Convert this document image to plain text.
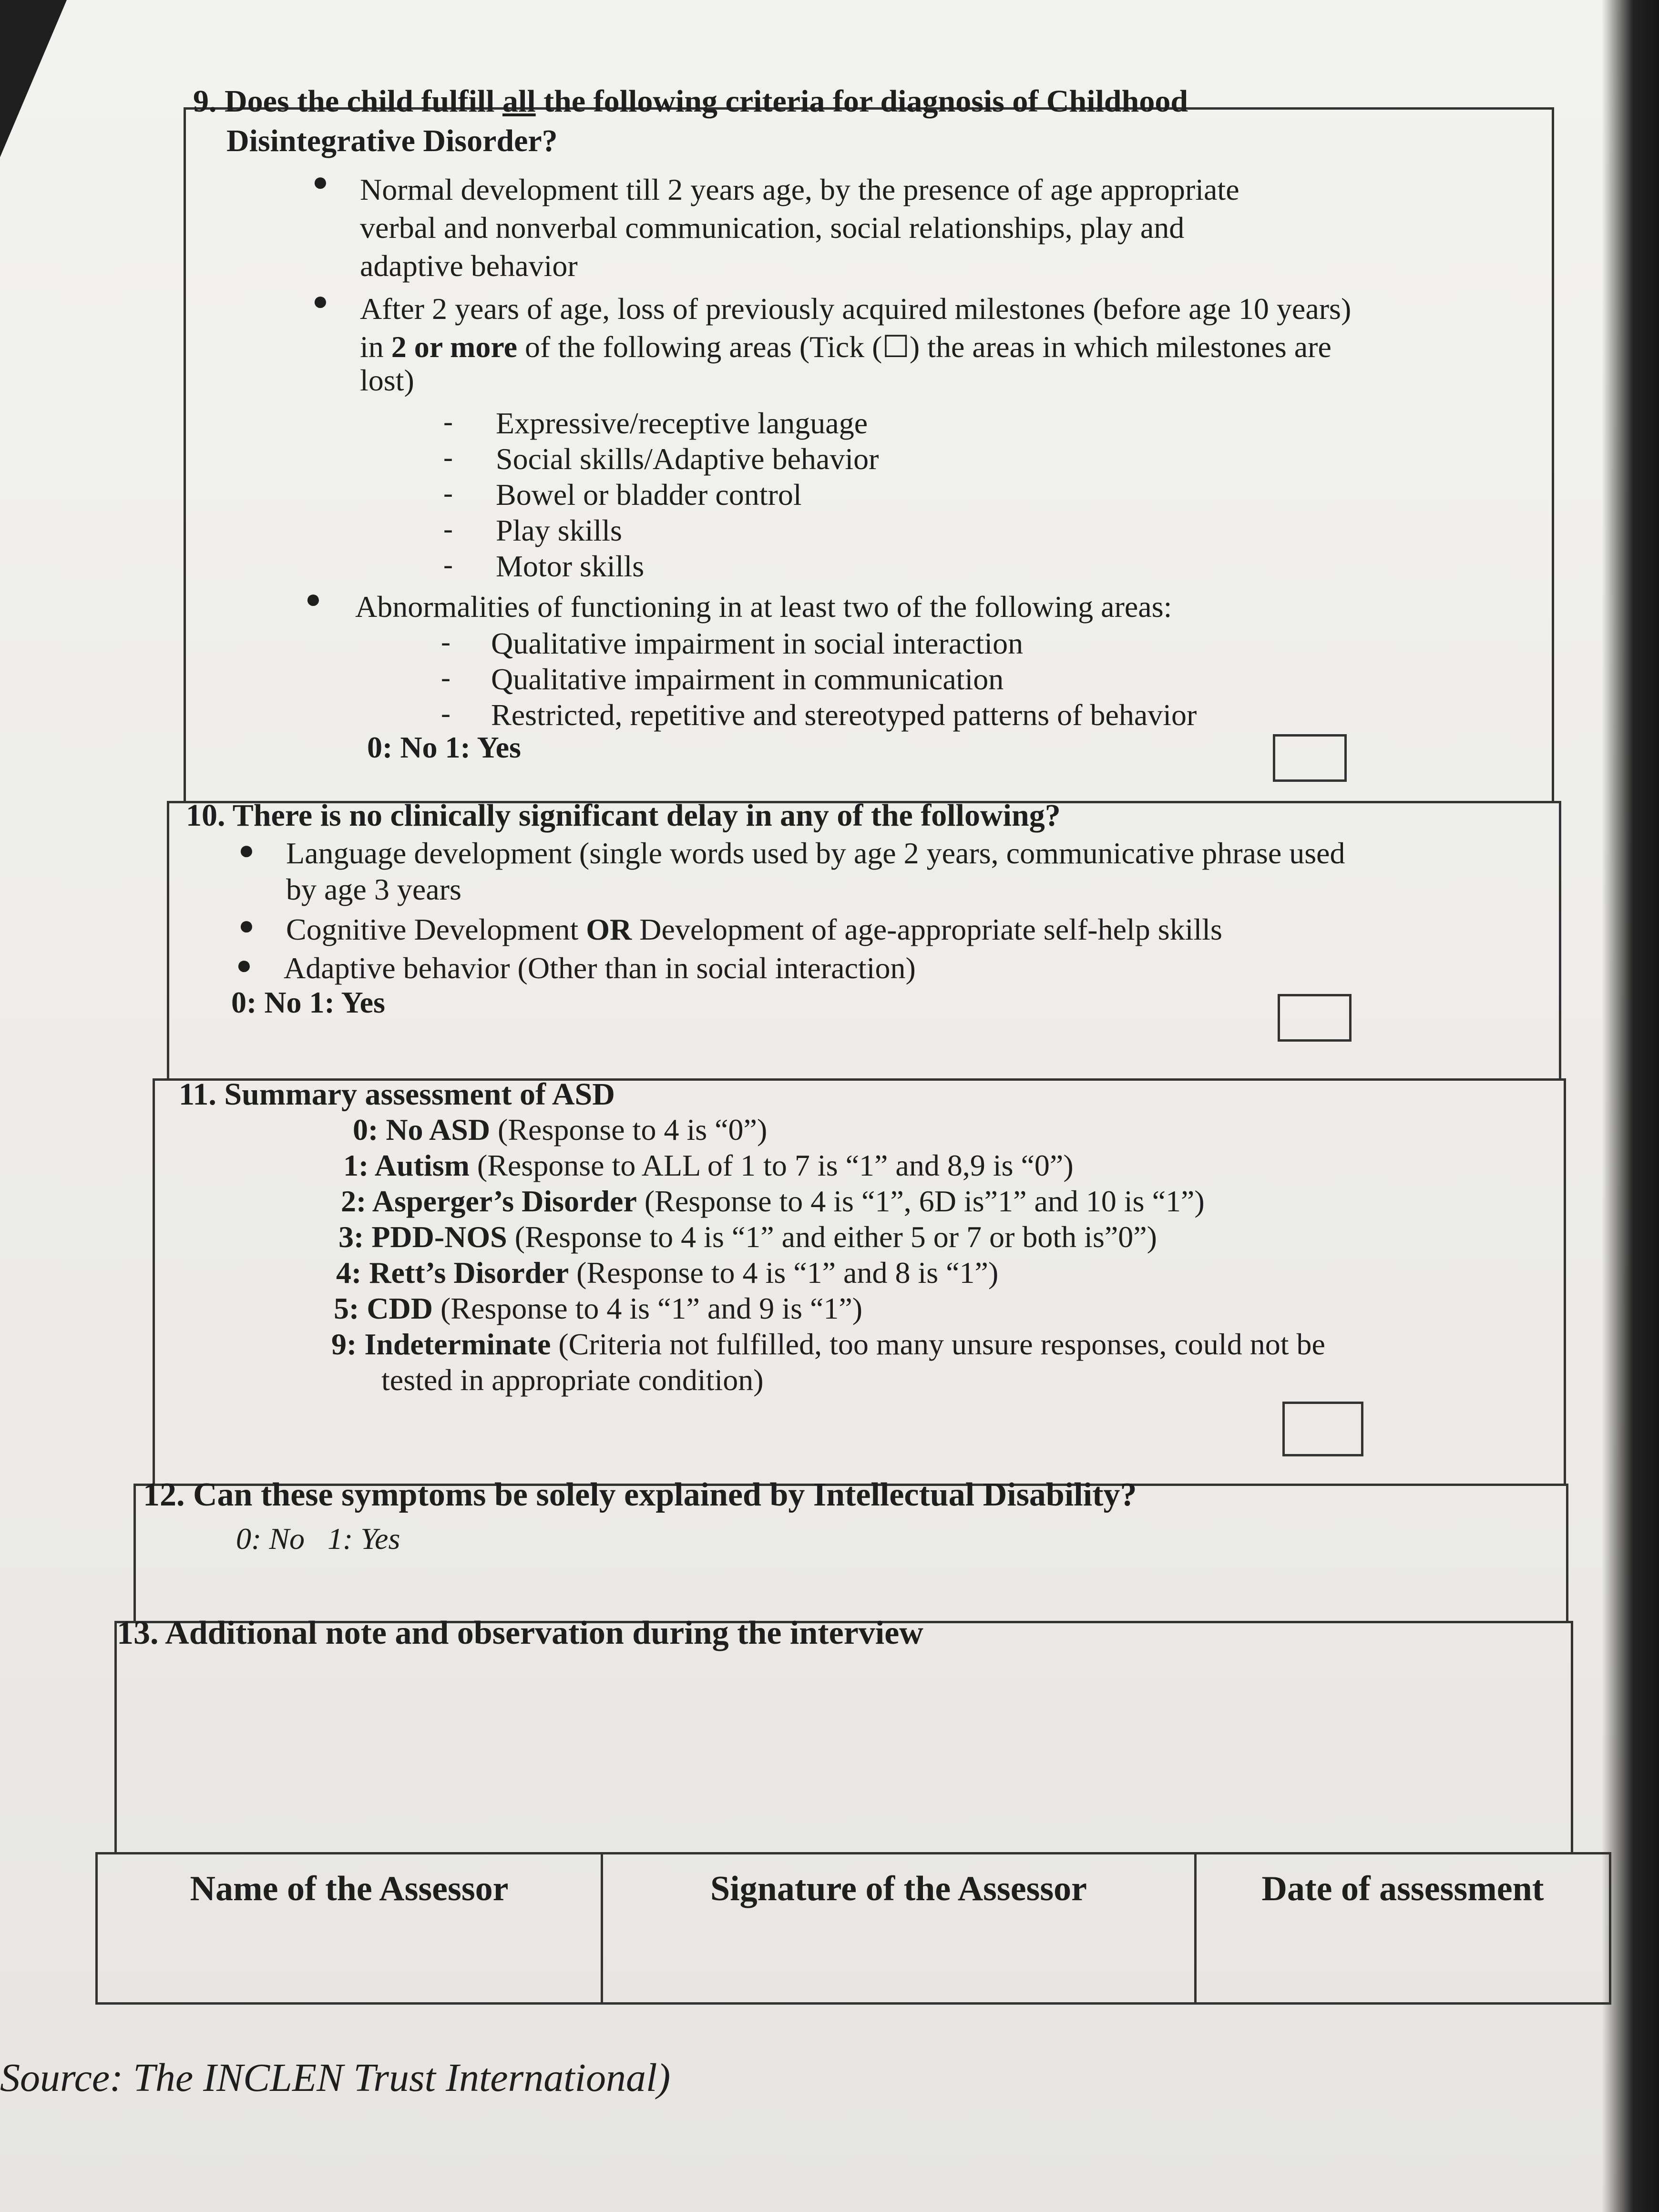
9. Does the child fulfill all the following criteria for diagnosis of Childhood
Disintegrative Disorder?
● Normal development till 2 years age, by the presence of age appropriate
verbal and nonverbal communication, social relationships, play and
adaptive behavior
● After 2 years of age, loss of previously acquired milestones (before age 10 years)
in 2 or more of the following areas (Tick (☐) the areas in which milestones are
lost)
- Expressive/receptive language
- Social skills/Adaptive behavior
- Bowel or bladder control
- Play skills
- Motor skills
● Abnormalities of functioning in at least two of the following areas:
- Qualitative impairment in social interaction
- Qualitative impairment in communication
- Restricted, repetitive and stereotyped patterns of behavior
0: No 1: Yes
10. There is no clinically significant delay in any of the following?
● Language development (single words used by age 2 years, communicative phrase used
by age 3 years
● Cognitive Development OR Development of age-appropriate self-help skills
● Adaptive behavior (Other than in social interaction)
0: No 1: Yes
11. Summary assessment of ASD
0: No ASD (Response to 4 is “0”)
1: Autism (Response to ALL of 1 to 7 is “1” and 8,9 is “0”)
2: Asperger’s Disorder (Response to 4 is “1”, 6D is”1” and 10 is “1”)
3: PDD-NOS (Response to 4 is “1” and either 5 or 7 or both is”0”)
4: Rett’s Disorder (Response to 4 is “1” and 8 is “1”)
5: CDD (Response to 4 is “1” and 9 is “1”)
9: Indeterminate (Criteria not fulfilled, too many unsure responses, could not be
tested in appropriate condition)
12. Can these symptoms be solely explained by Intellectual Disability?
0: No   1: Yes
13. Additional note and observation during the interview
Name of the Assessor	Signature of the Assessor	Date of assessment
Source: The INCLEN Trust International)
